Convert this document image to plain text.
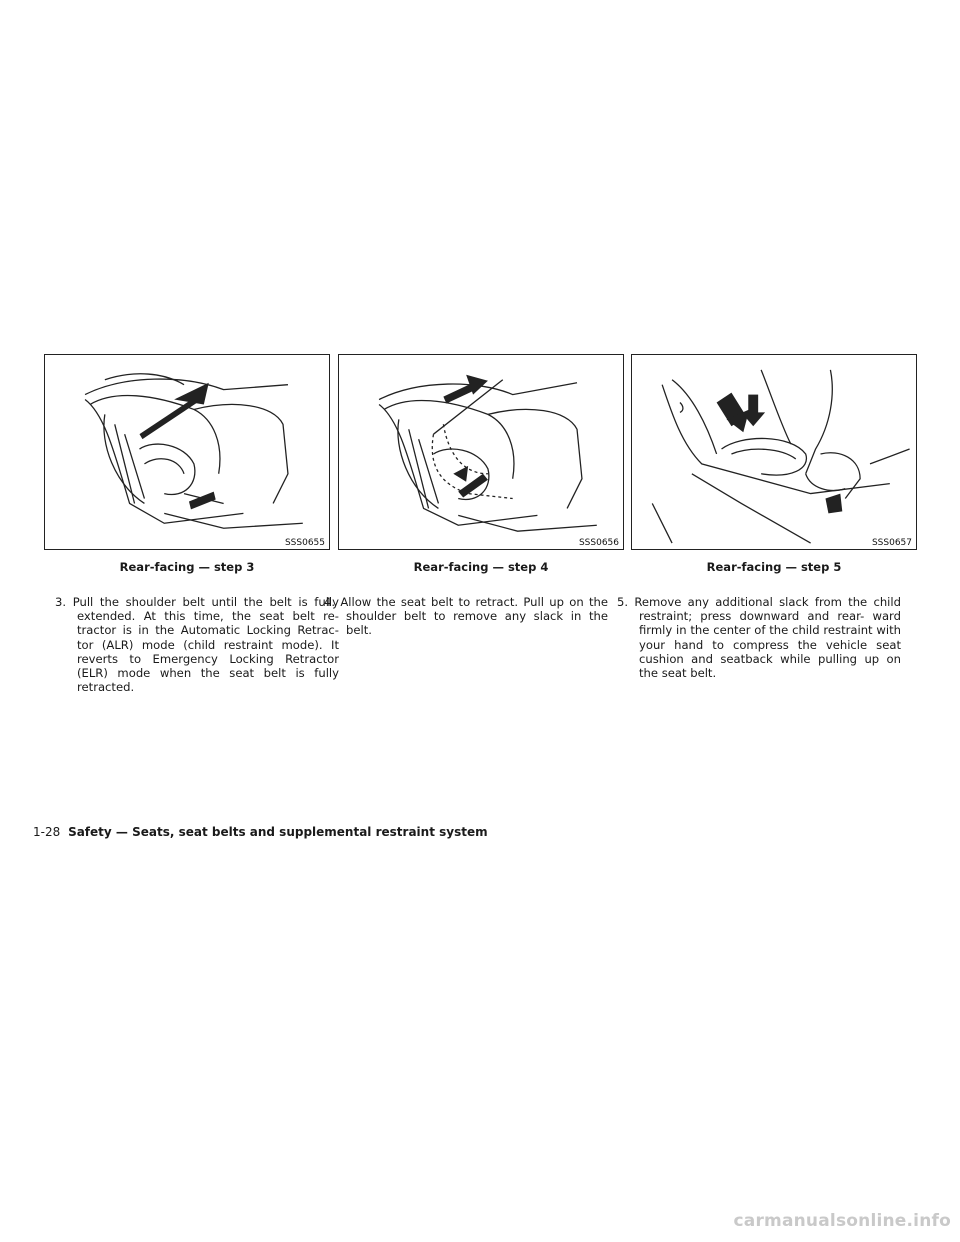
SSS0655
Rear-facing — step 3
SSS0656
Rear-facing — step 4
SSS0657
Rear-facing — step 5
3. Pull the shoulder belt until the belt is fully extended. At this time, the seat belt re- tractor is in the Automatic Locking Retrac- tor (ALR) mode (child restraint mode). It reverts to Emergency Locking Retractor (ELR) mode when the seat belt is fully retracted.
4. Allow the seat belt to retract. Pull up on the shoulder belt to remove any slack in the belt.
5. Remove any additional slack from the child restraint; press downward and rear- ward firmly in the center of the child restraint with your hand to compress the vehicle seat cushion and seatback while pulling up on the seat belt.
1-28 Safety — Seats, seat belts and supplemental restraint system
carmanualsonline.info
